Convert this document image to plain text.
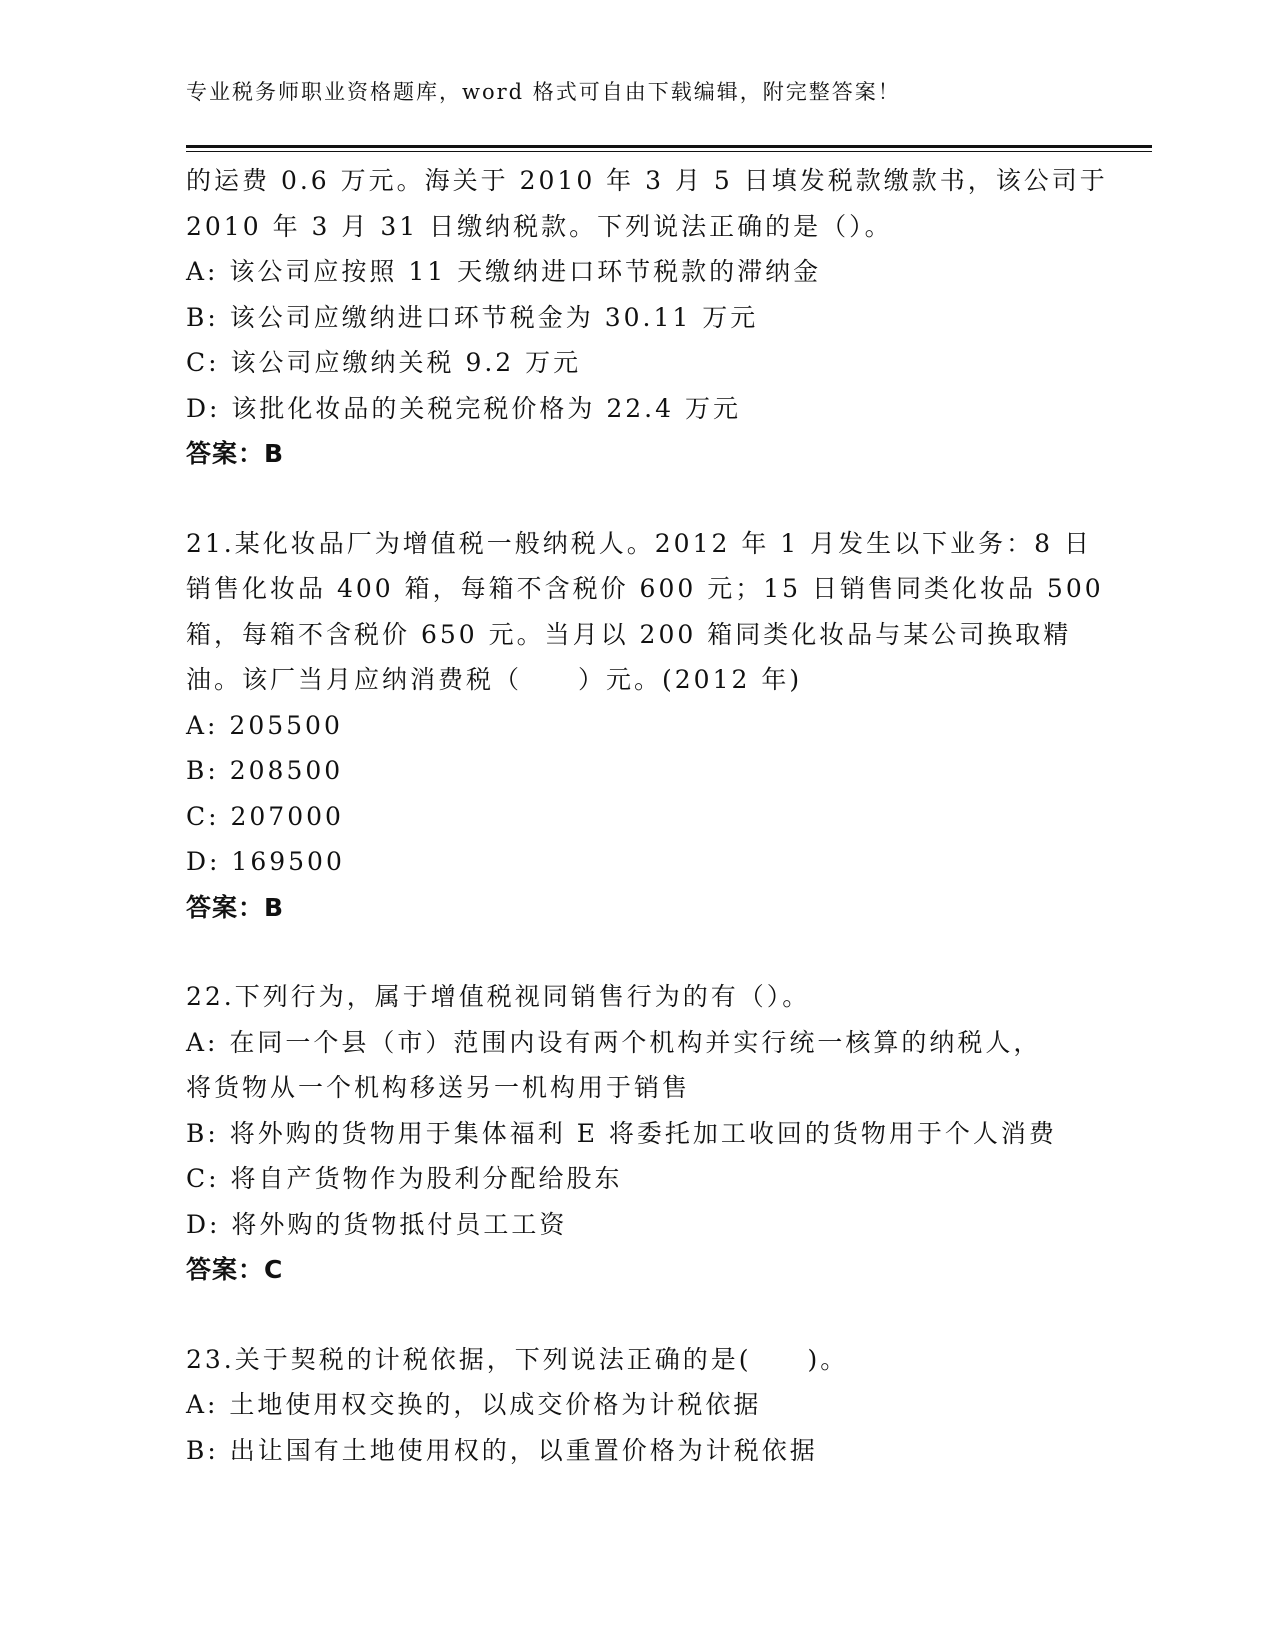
专业税务师职业资格题库，word 格式可自由下载编辑，附完整答案！
的运费 0.6 万元。海关于 2010 年 3 月 5 日填发税款缴款书，该公司于
2010 年 3 月 31 日缴纳税款。下列说法正确的是（）。
A: 该公司应按照 11 天缴纳进口环节税款的滞纳金
B: 该公司应缴纳进口环节税金为 30.11 万元
C: 该公司应缴纳关税 9.2 万元
D: 该批化妆品的关税完税价格为 22.4 万元
答案：B
21.某化妆品厂为增值税一般纳税人。2012 年 1 月发生以下业务：8 日
销售化妆品 400 箱，每箱不含税价 600 元；15 日销售同类化妆品 500
箱，每箱不含税价 650 元。当月以 200 箱同类化妆品与某公司换取精
油。该厂当月应纳消费税（　　）元。(2012 年)
A: 205500
B: 208500
C: 207000
D: 169500
答案：B
22.下列行为，属于增值税视同销售行为的有（）。
A: 在同一个县（市）范围内设有两个机构并实行统一核算的纳税人，
将货物从一个机构移送另一机构用于销售
B: 将外购的货物用于集体福利 E 将委托加工收回的货物用于个人消费
C: 将自产货物作为股利分配给股东
D: 将外购的货物抵付员工工资
答案：C
23.关于契税的计税依据，下列说法正确的是(　　)。
A: 土地使用权交换的，以成交价格为计税依据
B: 出让国有土地使用权的，以重置价格为计税依据
